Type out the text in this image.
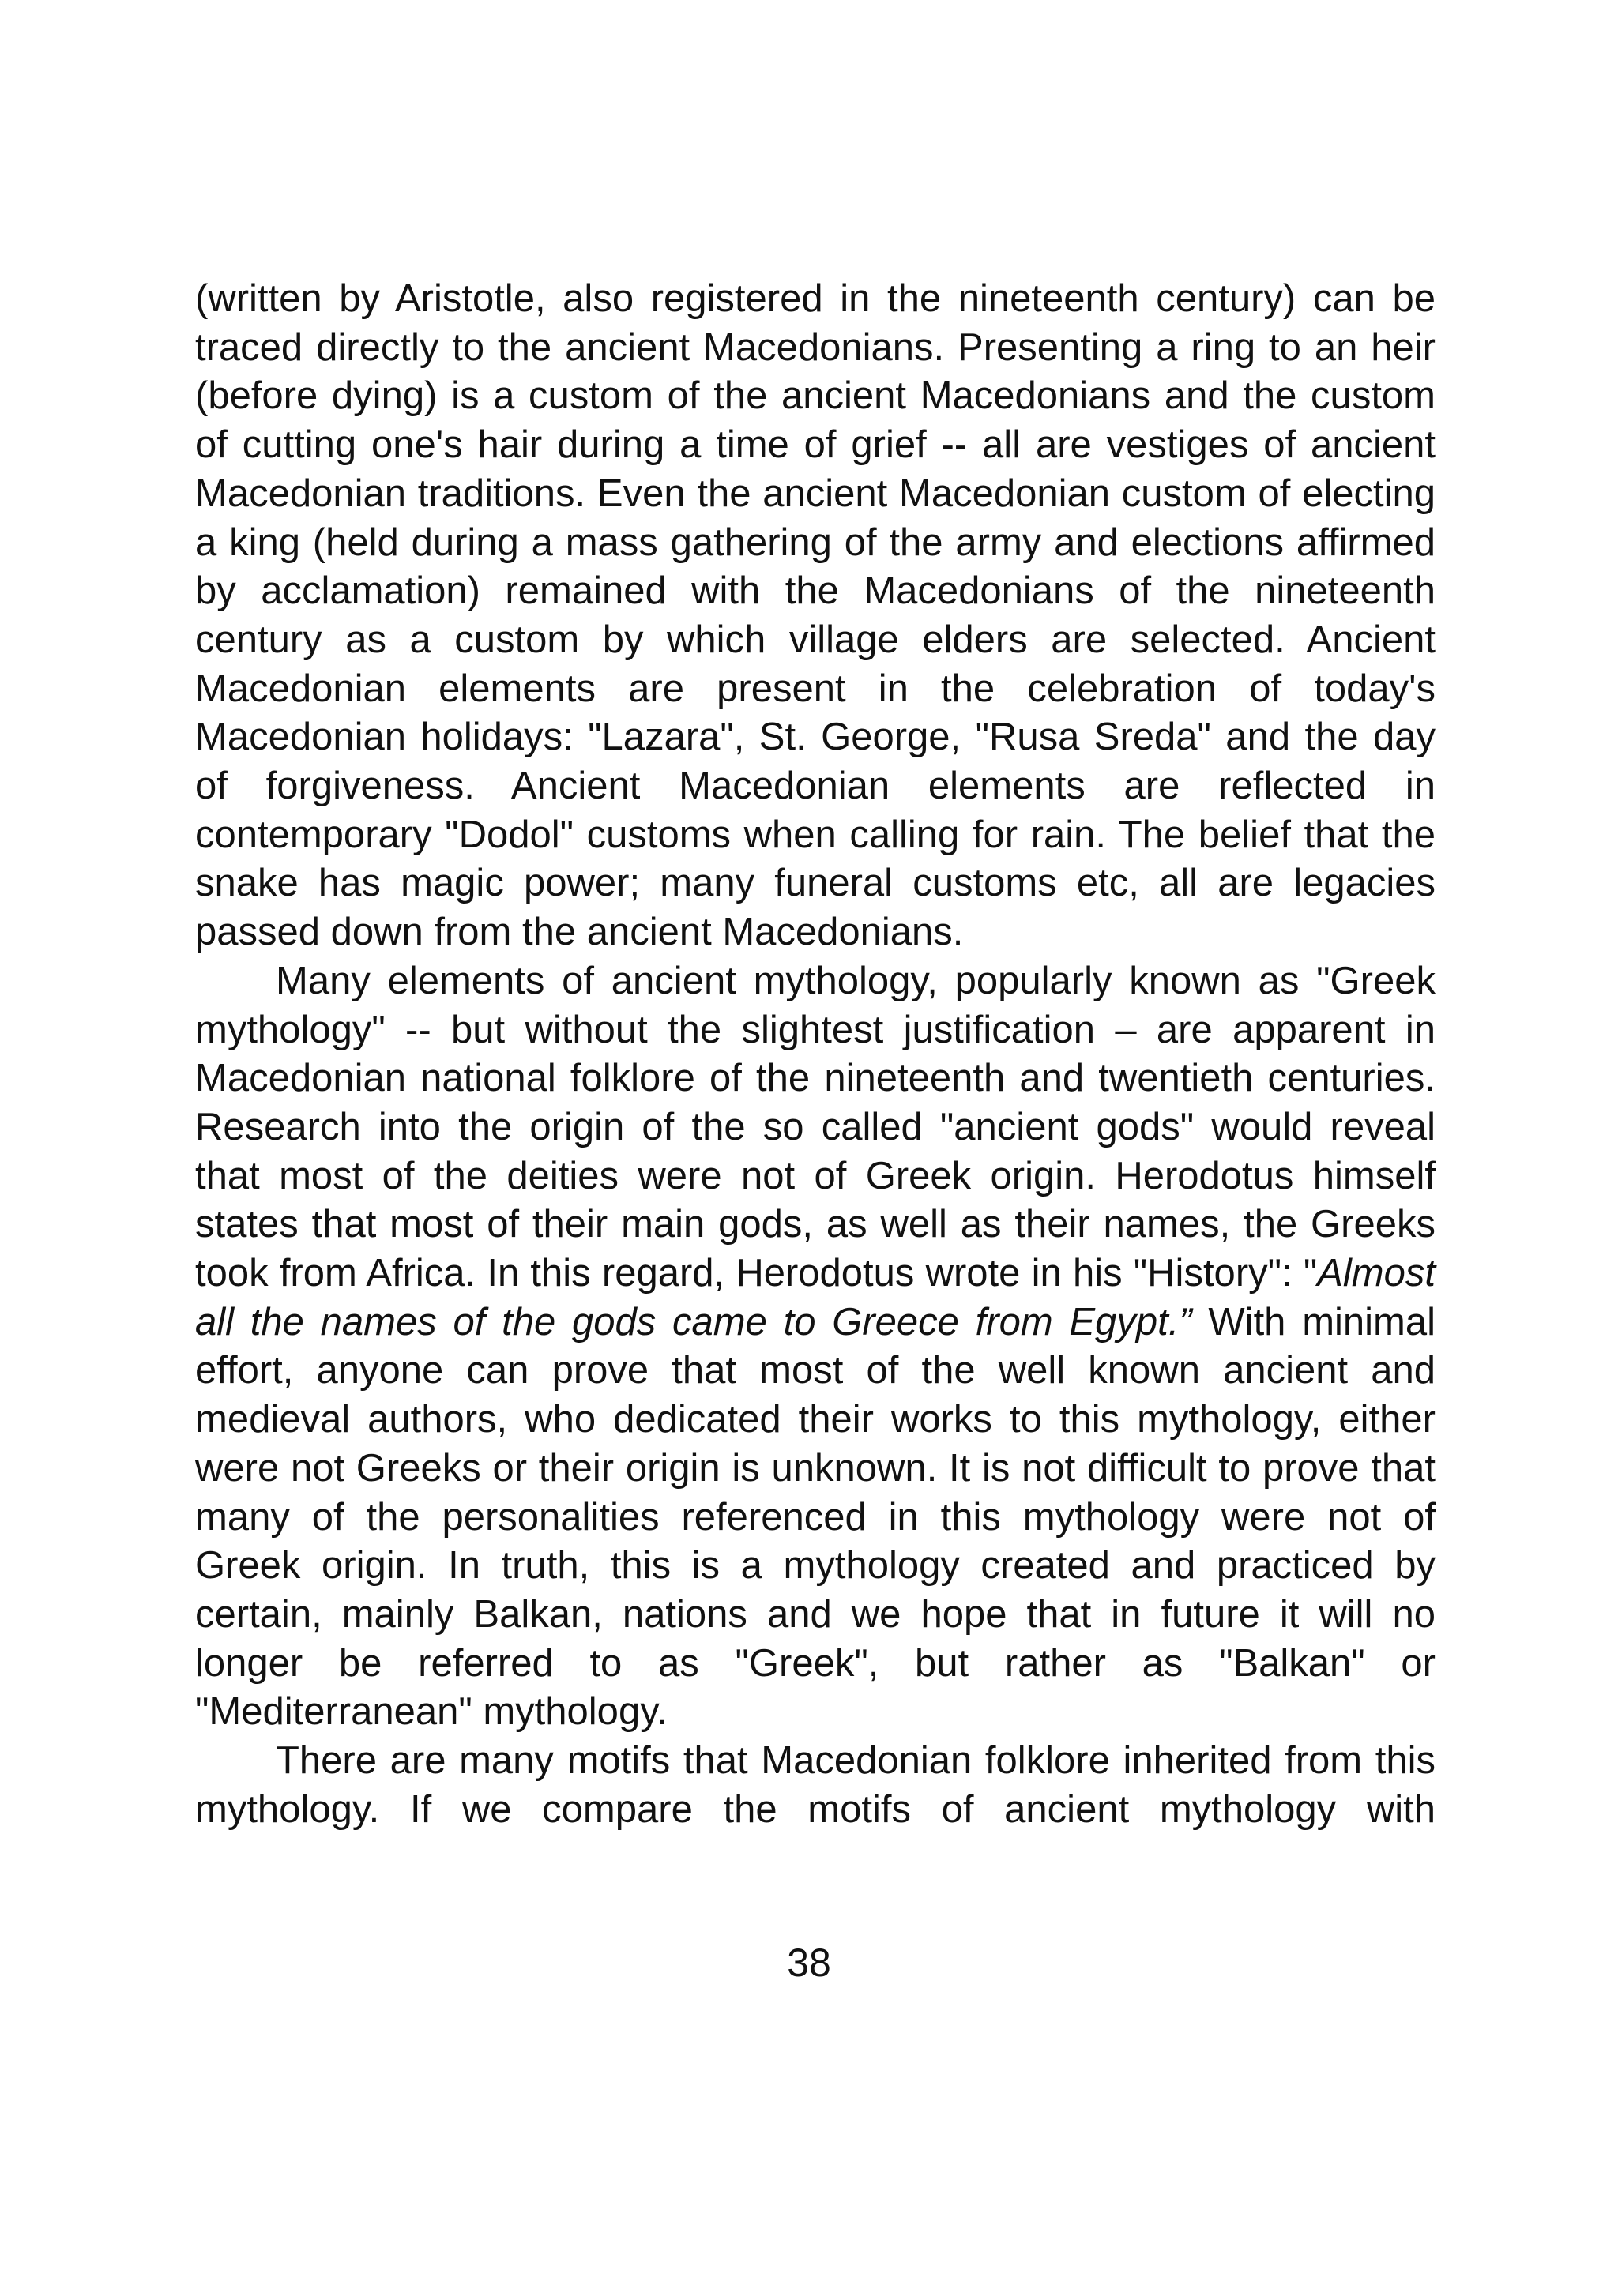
(written by Aristotle, also registered in the nineteenth century) can be traced directly to the ancient Macedonians. Presenting a ring to an heir (before dying) is a custom of the ancient Macedonians and the custom of cutting one's hair during a time of grief -- all are vestiges of ancient Macedonian traditions. Even the ancient Macedonian custom of electing a king (held during a mass gathering of the army and elections affirmed by acclamation) remained with the Macedonians of the nineteenth century as a custom by which village elders are selected. Ancient Macedonian elements are present in the celebration of today's Macedonian holidays: "Lazara", St. George, "Rusa Sreda" and the day of forgiveness. Ancient Macedonian elements are reflected in contemporary "Dodol" customs when calling for rain. The belief that the snake has magic power; many funeral customs etc, all are legacies passed down from the ancient Macedonians.

Many elements of ancient mythology, popularly known as "Greek mythology" -- but without the slightest justification – are apparent in Macedonian national folklore of the nineteenth and twentieth centuries. Research into the origin of the so called "ancient gods" would reveal that most of the deities were not of Greek origin. Herodotus himself states that most of their main gods, as well as their names, the Greeks took from Africa. In this regard, Herodotus wrote in his "History": "Almost all the names of the gods came to Greece from Egypt.” With minimal effort, anyone can prove that most of the well known ancient and medieval authors, who dedicated their works to this mythology, either were not Greeks or their origin is unknown. It is not difficult to prove that many of the personalities referenced in this mythology were not of Greek origin. In truth, this is a mythology created and practiced by certain, mainly Balkan, nations and we hope that in future it will no longer be referred to as "Greek", but rather as "Balkan" or "Mediterranean" mythology.

There are many motifs that Macedonian folklore inherited from this mythology. If we compare the motifs of ancient mythology with

38
